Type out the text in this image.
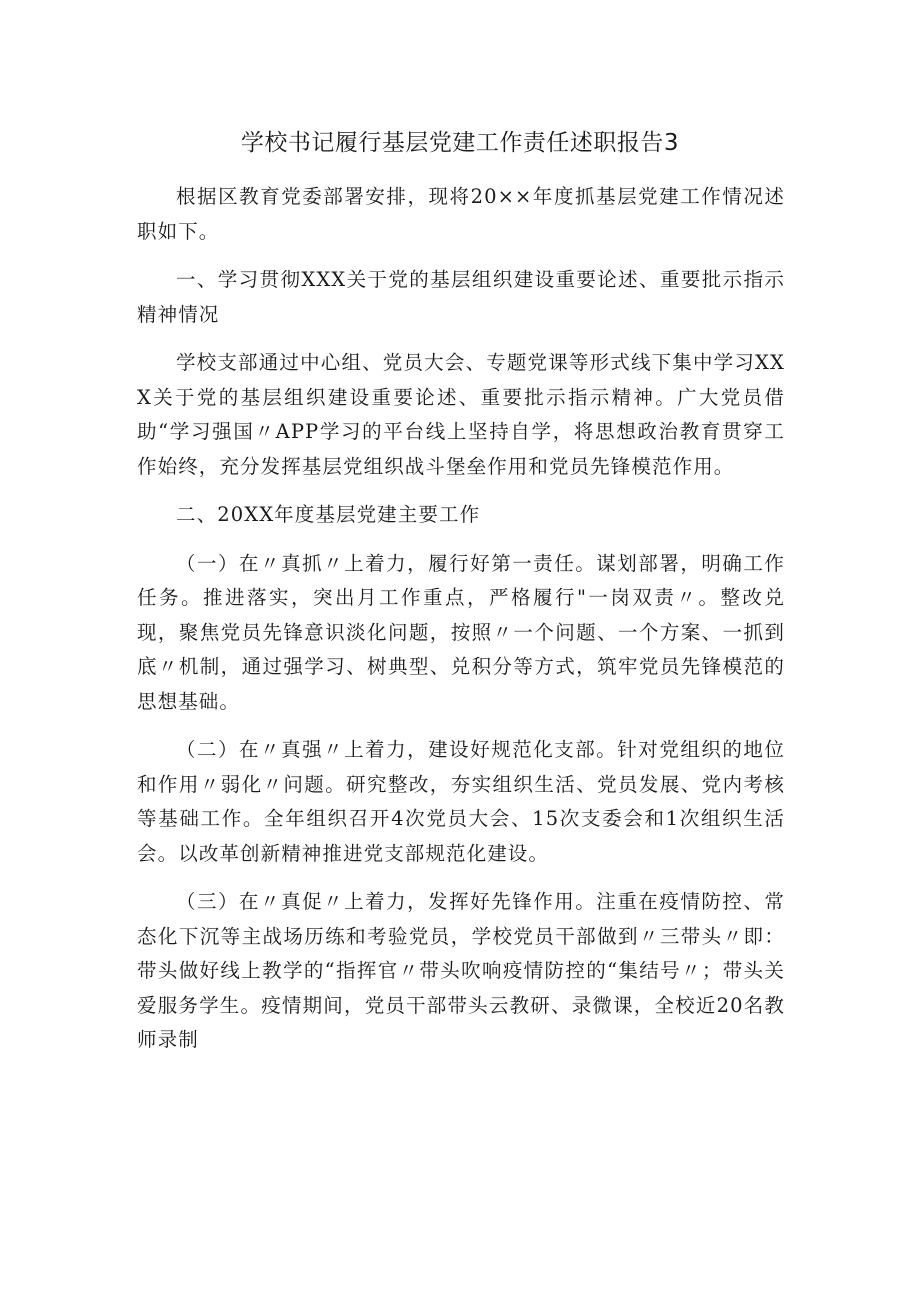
学校书记履行基层党建工作责任述职报告3

根据区教育党委部署安排，现将20××年度抓基层党建工作情况述职如下。

一、学习贯彻XXX关于党的基层组织建设重要论述、重要批示指示精神情况

学校支部通过中心组、党员大会、专题党课等形式线下集中学习XXX关于党的基层组织建设重要论述、重要批示指示精神。广大党员借助“学习强国〃APP学习的平台线上坚持自学，将思想政治教育贯穿工作始终，充分发挥基层党组织战斗堡垒作用和党员先锋模范作用。

二、20XX年度基层党建主要工作

（一）在〃真抓〃上着力，履行好第一责任。谋划部署，明确工作任务。推进落实，突出月工作重点，严格履行"一岗双责〃。整改兑现，聚焦党员先锋意识淡化问题，按照〃一个问题、一个方案、一抓到底〃机制，通过强学习、树典型、兑积分等方式，筑牢党员先锋模范的思想基础。

（二）在〃真强〃上着力，建设好规范化支部。针对党组织的地位和作用〃弱化〃问题。研究整改，夯实组织生活、党员发展、党内考核等基础工作。全年组织召开4次党员大会、15次支委会和1次组织生活会。以改革创新精神推进党支部规范化建设。

（三）在〃真促〃上着力，发挥好先锋作用。注重在疫情防控、常态化下沉等主战场历练和考验党员，学校党员干部做到〃三带头〃即：带头做好线上教学的“指挥官〃带头吹响疫情防控的“集结号〃；带头关爱服务学生。疫情期间，党员干部带头云教研、录微课，全校近20名教师录制
